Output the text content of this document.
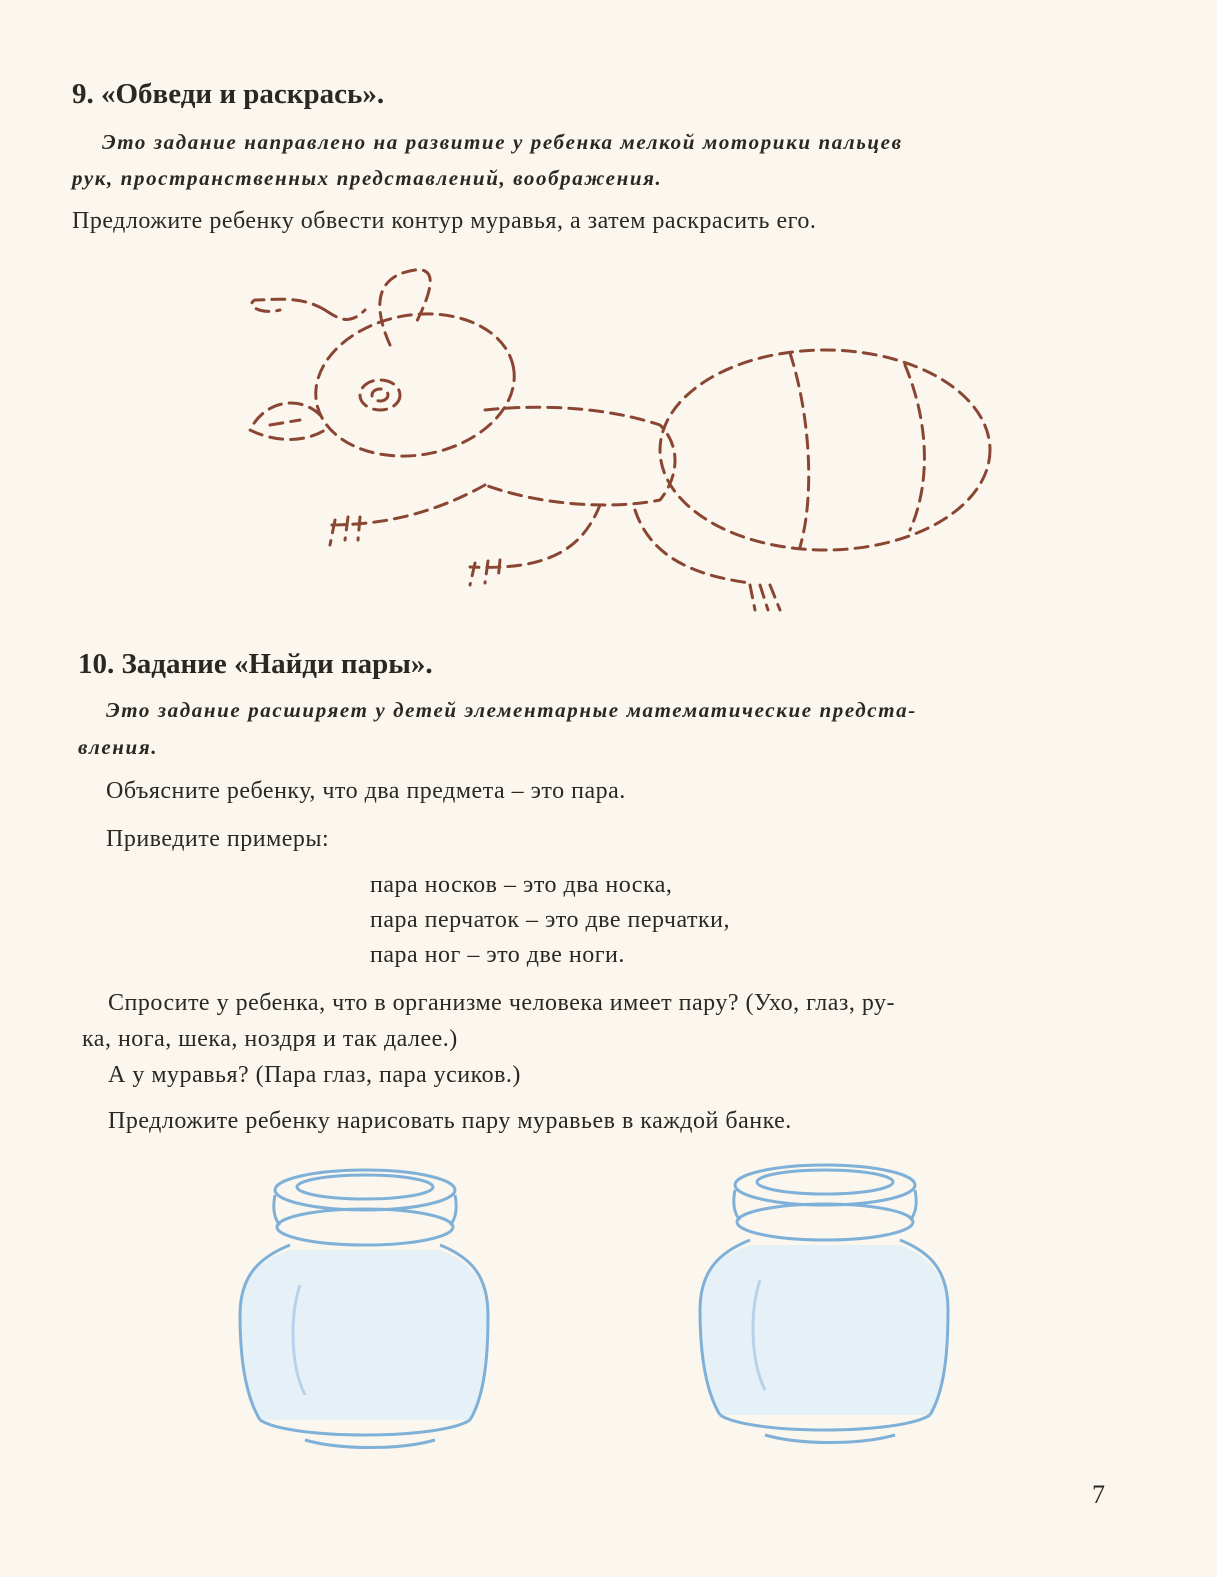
9. «Обведи и раскрась».
Это задание направлено на развитие у ребенка мелкой моторики пальцев
рук, пространственных представлений, воображения.
Предложите ребенку обвести контур муравья, а затем раскрасить его.
10. Задание «Найди пары».
Это задание расширяет у детей элементарные математические предста-
вления.
Объясните ребенку, что два предмета – это пара.
Приведите примеры:
пара носков – это два носка,
пара перчаток – это две перчатки,
пара ног – это две ноги.
Спросите у ребенка, что в организме человека имеет пару? (Ухо, глаз, ру-
ка, нога, шека, ноздря и так далее.)
А у муравья? (Пара глаз, пара усиков.)
Предложите ребенку нарисовать пару муравьев в каждой банке.
7
